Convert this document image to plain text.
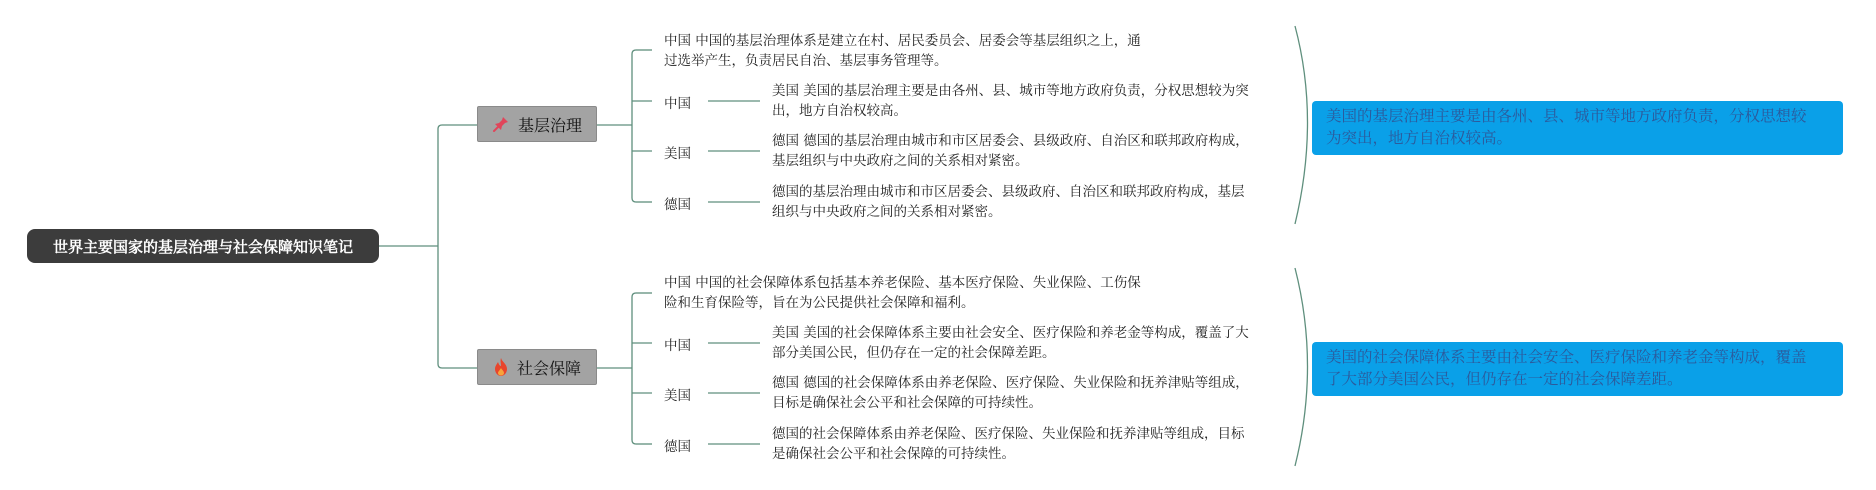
世界主要国家的基层治理与社会保障知识笔记
基层治理
社会保障
中国 中国的基层治理体系是建立在村、居民委员会、居委会等基层组织之上，通
过选举产生，负责居民自治、基层事务管理等。
中国
美国 美国的基层治理主要是由各州、县、城市等地方政府负责，分权思想较为突
出，地方自治权较高。
美国
德国 德国的基层治理由城市和市区居委会、县级政府、自治区和联邦政府构成，
基层组织与中央政府之间的关系相对紧密。
德国
德国的基层治理由城市和市区居委会、县级政府、自治区和联邦政府构成，基层
组织与中央政府之间的关系相对紧密。
中国 中国的社会保障体系包括基本养老保险、基本医疗保险、失业保险、工伤保
险和生育保险等，旨在为公民提供社会保障和福利。
中国
美国 美国的社会保障体系主要由社会安全、医疗保险和养老金等构成，覆盖了大
部分美国公民，但仍存在一定的社会保障差距。
美国
德国 德国的社会保障体系由养老保险、医疗保险、失业保险和抚养津贴等组成，
目标是确保社会公平和社会保障的可持续性。
德国
德国的社会保障体系由养老保险、医疗保险、失业保险和抚养津贴等组成，目标
是确保社会公平和社会保障的可持续性。
美国的基层治理主要是由各州、县、城市等地方政府负责，分权思想较
为突出，地方自治权较高。
美国的社会保障体系主要由社会安全、医疗保险和养老金等构成，覆盖
了大部分美国公民，但仍存在一定的社会保障差距。
